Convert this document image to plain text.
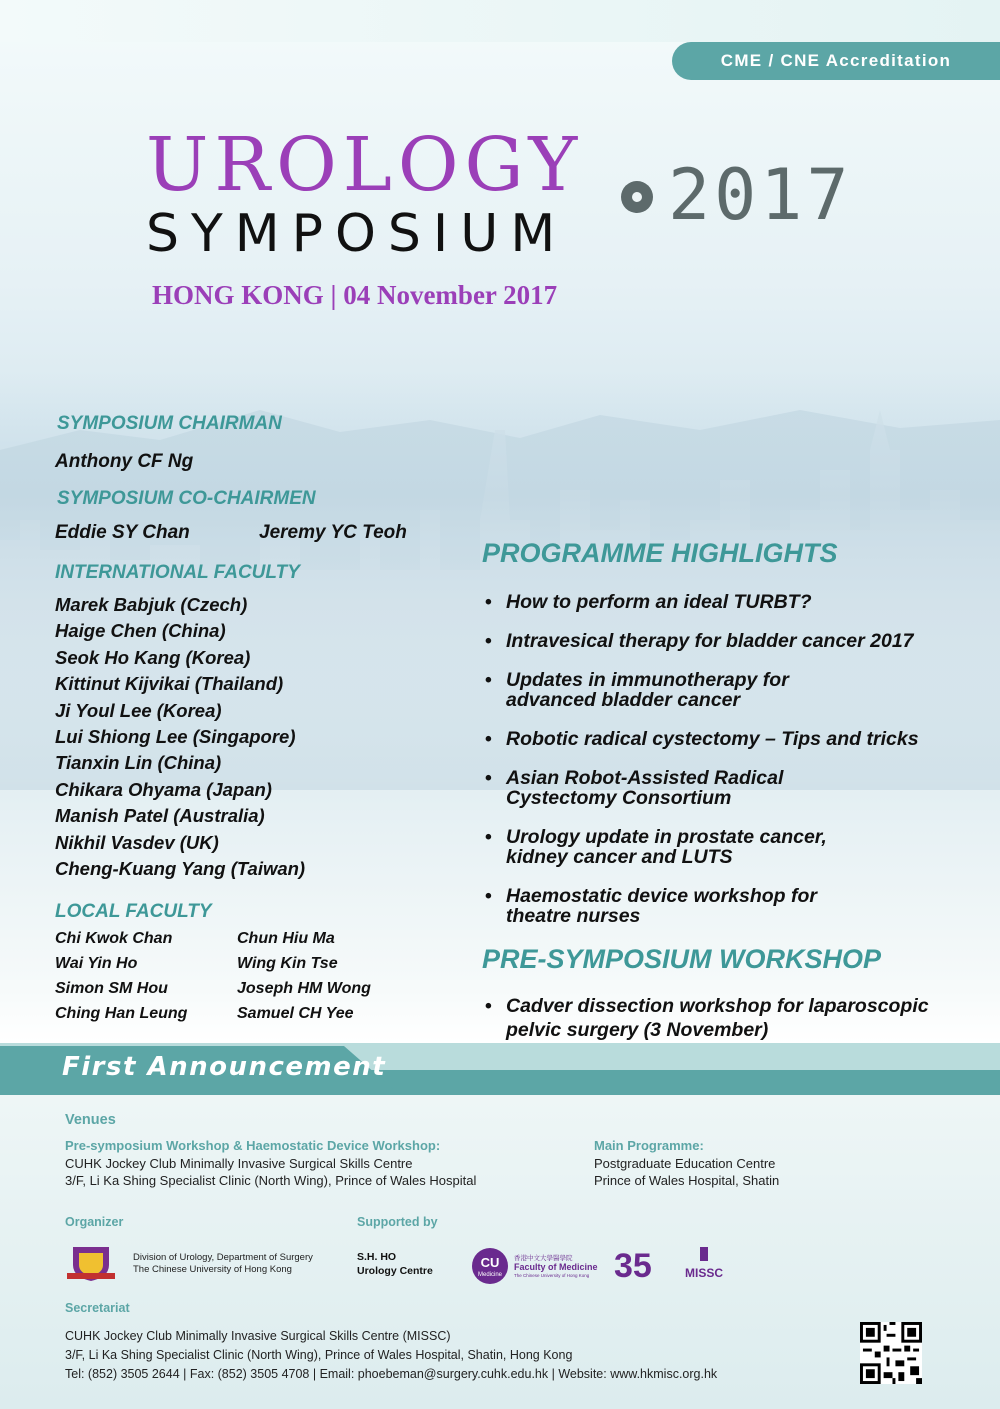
CME / CNE Accreditation
UROLOGY
SYMPOSIUM	2017
HONG KONG | 04 November 2017
SYMPOSIUM CHAIRMAN
Anthony CF Ng
SYMPOSIUM CO-CHAIRMEN
Eddie SY Chan	Jeremy YC Teoh
INTERNATIONAL FACULTY
Marek Babjuk (Czech)
Haige Chen (China)
Seok Ho Kang (Korea)
Kittinut Kijvikai (Thailand)
Ji Youl Lee (Korea)
Lui Shiong Lee (Singapore)
Tianxin Lin (China)
Chikara Ohyama (Japan)
Manish Patel (Australia)
Nikhil Vasdev (UK)
Cheng-Kuang Yang (Taiwan)
LOCAL FACULTY
Chi Kwok Chan	Chun Hiu Ma
Wai Yin Ho	Wing Kin Tse
Simon SM Hou	Joseph HM Wong
Ching Han Leung	Samuel CH Yee
PROGRAMME HIGHLIGHTS
• How to perform an ideal TURBT?
• Intravesical therapy for bladder cancer 2017
• Updates in immunotherapy for advanced bladder cancer
• Robotic radical cystectomy – Tips and tricks
• Asian Robot-Assisted Radical Cystectomy Consortium
• Urology update in prostate cancer, kidney cancer and LUTS
• Haemostatic device workshop for theatre nurses
PRE-SYMPOSIUM WORKSHOP
• Cadver dissection workshop for laparoscopic pelvic surgery (3 November)
First Announcement
Venues
Pre-symposium Workshop & Haemostatic Device Workshop:
CUHK Jockey Club Minimally Invasive Surgical Skills Centre
3/F, Li Ka Shing Specialist Clinic (North Wing), Prince of Wales Hospital
Main Programme:
Postgraduate Education Centre
Prince of Wales Hospital, Shatin
Organizer
Division of Urology, Department of Surgery
The Chinese University of Hong Kong
Supported by
S.H. HO
Urology Centre
CU
Medicine
香港中文大學醫學院
Faculty of Medicine
The Chinese University of Hong Kong 35	MISSC
Secretariat
CUHK Jockey Club Minimally Invasive Surgical Skills Centre (MISSC)
3/F, Li Ka Shing Specialist Clinic (North Wing), Prince of Wales Hospital, Shatin, Hong Kong
Tel: (852) 3505 2644 | Fax: (852) 3505 4708 | Email: phoebeman@surgery.cuhk.edu.hk | Website: www.hkmisc.org.hk
